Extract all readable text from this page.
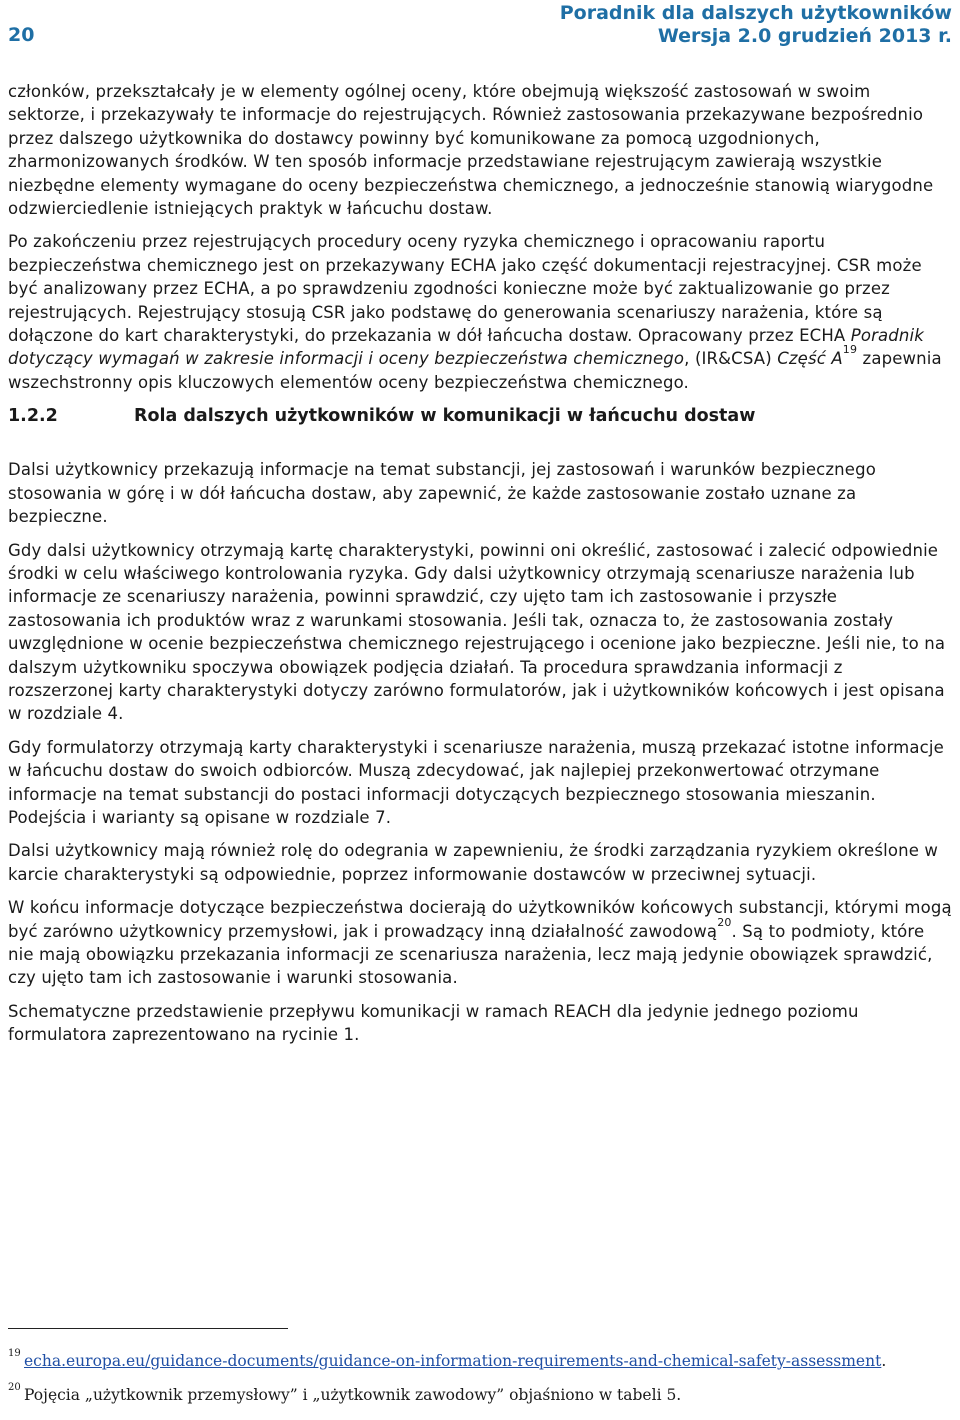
20
Poradnik dla dalszych użytkowników
Wersja 2.0 grudzień 2013 r.

członków, przekształcały je w elementy ogólnej oceny, które obejmują większość zastosowań w swoim sektorze, i przekazywały te informacje do rejestrujących. Również zastosowania przekazywane bezpośrednio przez dalszego użytkownika do dostawcy powinny być komunikowane za pomocą uzgodnionych, zharmonizowanych środków. W ten sposób informacje przedstawiane rejestrującym zawierają wszystkie niezbędne elementy wymagane do oceny bezpieczeństwa chemicznego, a jednocześnie stanowią wiarygodne odzwierciedlenie istniejących praktyk w łańcuchu dostaw.

Po zakończeniu przez rejestrujących procedury oceny ryzyka chemicznego i opracowaniu raportu bezpieczeństwa chemicznego jest on przekazywany ECHA jako część dokumentacji rejestracyjnej. CSR może być analizowany przez ECHA, a po sprawdzeniu zgodności konieczne może być zaktualizowanie go przez rejestrujących. Rejestrujący stosują CSR jako podstawę do generowania scenariuszy narażenia, które są dołączone do kart charakterystyki, do przekazania w dół łańcucha dostaw. Opracowany przez ECHA Poradnik dotyczący wymagań w zakresie informacji i oceny bezpieczeństwa chemicznego, (IR&CSA) Część A$^{19}$ zapewnia wszechstronny opis kluczowych elementów oceny bezpieczeństwa chemicznego.

1.2.2	Rola dalszych użytkowników w komunikacji w łańcuchu dostaw

Dalsi użytkownicy przekazują informacje na temat substancji, jej zastosowań i warunków bezpiecznego stosowania w górę i w dół łańcucha dostaw, aby zapewnić, że każde zastosowanie zostało uznane za bezpieczne.

Gdy dalsi użytkownicy otrzymają kartę charakterystyki, powinni oni określić, zastosować i zalecić odpowiednie środki w celu właściwego kontrolowania ryzyka. Gdy dalsi użytkownicy otrzymają scenariusze narażenia lub informacje ze scenariuszy narażenia, powinni sprawdzić, czy ujęto tam ich zastosowanie i przyszłe zastosowania ich produktów wraz z warunkami stosowania. Jeśli tak, oznacza to, że zastosowania zostały uwzględnione w ocenie bezpieczeństwa chemicznego rejestrującego i ocenione jako bezpieczne. Jeśli nie, to na dalszym użytkowniku spoczywa obowiązek podjęcia działań. Ta procedura sprawdzania informacji z rozszerzonej karty charakterystyki dotyczy zarówno formulatorów, jak i użytkowników końcowych i jest opisana w rozdziale 4.

Gdy formulatorzy otrzymają karty charakterystyki i scenariusze narażenia, muszą przekazać istotne informacje w łańcuchu dostaw do swoich odbiorców. Muszą zdecydować, jak najlepiej przekonwertować otrzymane informacje na temat substancji do postaci informacji dotyczących bezpiecznego stosowania mieszanin. Podejścia i warianty są opisane w rozdziale 7.

Dalsi użytkownicy mają również rolę do odegrania w zapewnieniu, że środki zarządzania ryzykiem określone w karcie charakterystyki są odpowiednie, poprzez informowanie dostawców w przeciwnej sytuacji.

W końcu informacje dotyczące bezpieczeństwa docierają do użytkowników końcowych substancji, którymi mogą być zarówno użytkownicy przemysłowi, jak i prowadzący inną działalność zawodową$^{20}$. Są to podmioty, które nie mają obowiązku przekazania informacji ze scenariusza narażenia, lecz mają jedynie obowiązek sprawdzić, czy ujęto tam ich zastosowanie i warunki stosowania.

Schematyczne przedstawienie przepływu komunikacji w ramach REACH dla jedynie jednego poziomu formulatora zaprezentowano na rycinie 1.

19 echa.europa.eu/guidance-documents/guidance-on-information-requirements-and-chemical-safety-assessment.
20 Pojęcia „użytkownik przemysłowy” i „użytkownik zawodowy” objaśniono w tabeli 5.
